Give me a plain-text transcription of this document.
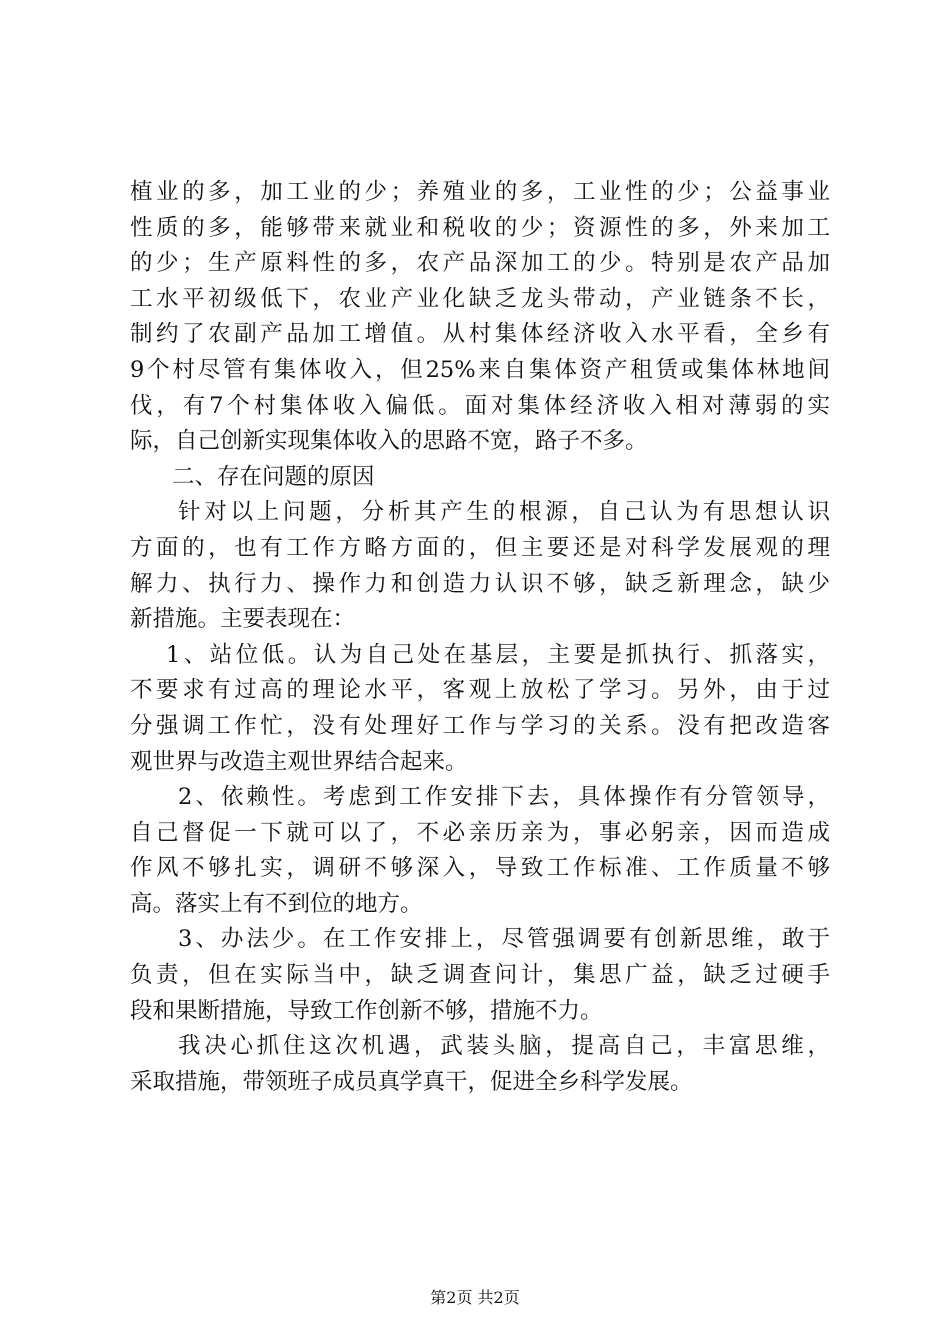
植业的多，加工业的少；养殖业的多，工业性的少；公益事业
性质的多，能够带来就业和税收的少；资源性的多，外来加工
的少；生产原料性的多，农产品深加工的少。特别是农产品加
工水平初级低下，农业产业化缺乏龙头带动，产业链条不长，
制约了农副产品加工增值。从村集体经济收入水平看，全乡有
9个村尽管有集体收入，但25%来自集体资产租赁或集体林地间
伐，有7个村集体收入偏低。面对集体经济收入相对薄弱的实
际，自己创新实现集体收入的思路不宽，路子不多。
二、存在问题的原因
针对以上问题，分析其产生的根源，自己认为有思想认识
方面的，也有工作方略方面的，但主要还是对科学发展观的理
解力、执行力、操作力和创造力认识不够，缺乏新理念，缺少
新措施。主要表现在：
1、站位低。认为自己处在基层，主要是抓执行、抓落实，
不要求有过高的理论水平，客观上放松了学习。另外，由于过
分强调工作忙，没有处理好工作与学习的关系。没有把改造客
观世界与改造主观世界结合起来。
2、依赖性。考虑到工作安排下去，具体操作有分管领导，
自己督促一下就可以了，不必亲历亲为，事必躬亲，因而造成
作风不够扎实，调研不够深入，导致工作标准、工作质量不够
高。落实上有不到位的地方。
3、办法少。在工作安排上，尽管强调要有创新思维，敢于
负责，但在实际当中，缺乏调查问计，集思广益，缺乏过硬手
段和果断措施，导致工作创新不够，措施不力。
我决心抓住这次机遇，武装头脑，提高自己，丰富思维，
采取措施，带领班子成员真学真干，促进全乡科学发展。
第2页 共2页
